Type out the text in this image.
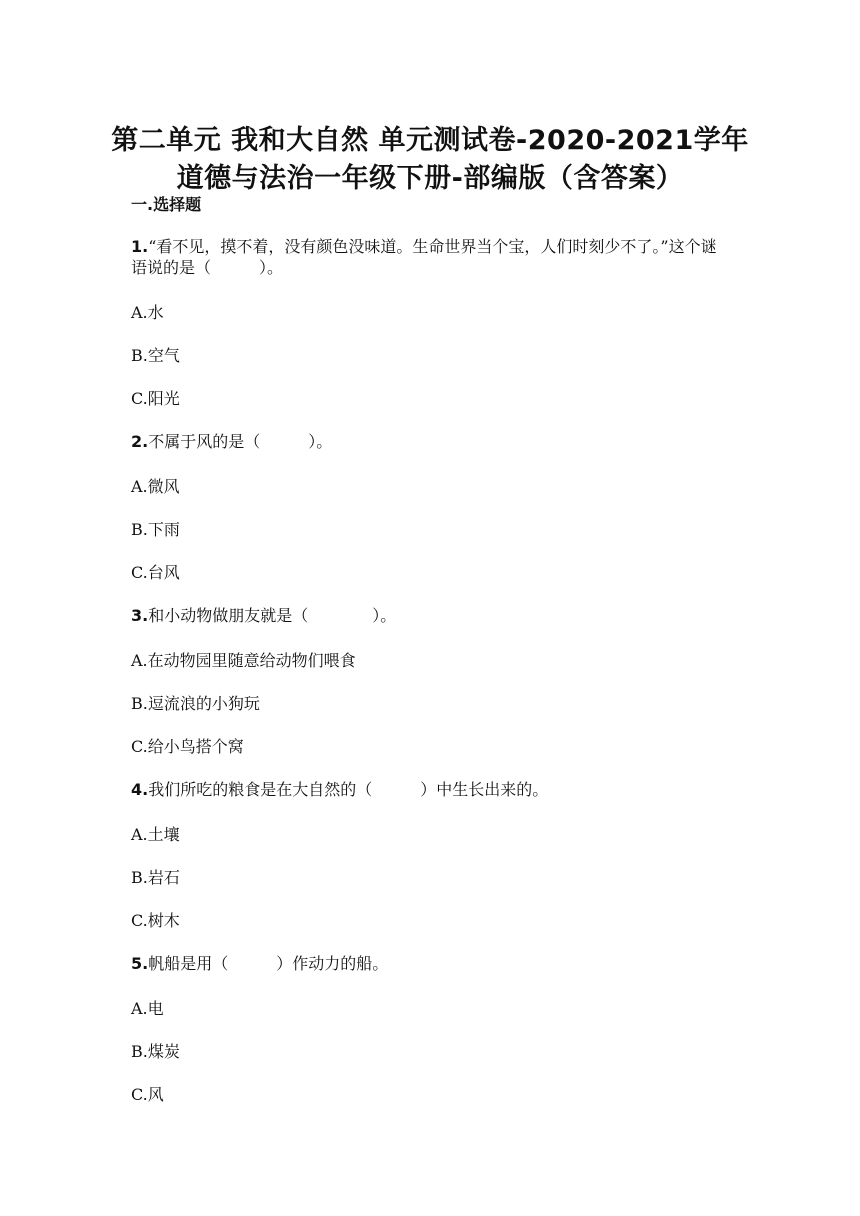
第二单元 我和大自然 单元测试卷-2020-2021学年
道德与法治一年级下册-部编版（含答案）
一.选择题
1.“看不见，摸不着，没有颜色没味道。生命世界当个宝，人们时刻少不了。”这个谜语说的是（　　　）。
A.水
B.空气
C.阳光
2.不属于风的是（　　　）。
A.微风
B.下雨
C.台风
3.和小动物做朋友就是（　　　　）。
A.在动物园里随意给动物们喂食
B.逗流浪的小狗玩
C.给小鸟搭个窝
4.我们所吃的粮食是在大自然的（　　　）中生长出来的。
A.土壤
B.岩石
C.树木
5.帆船是用（　　　）作动力的船。
A.电
B.煤炭
C.风
